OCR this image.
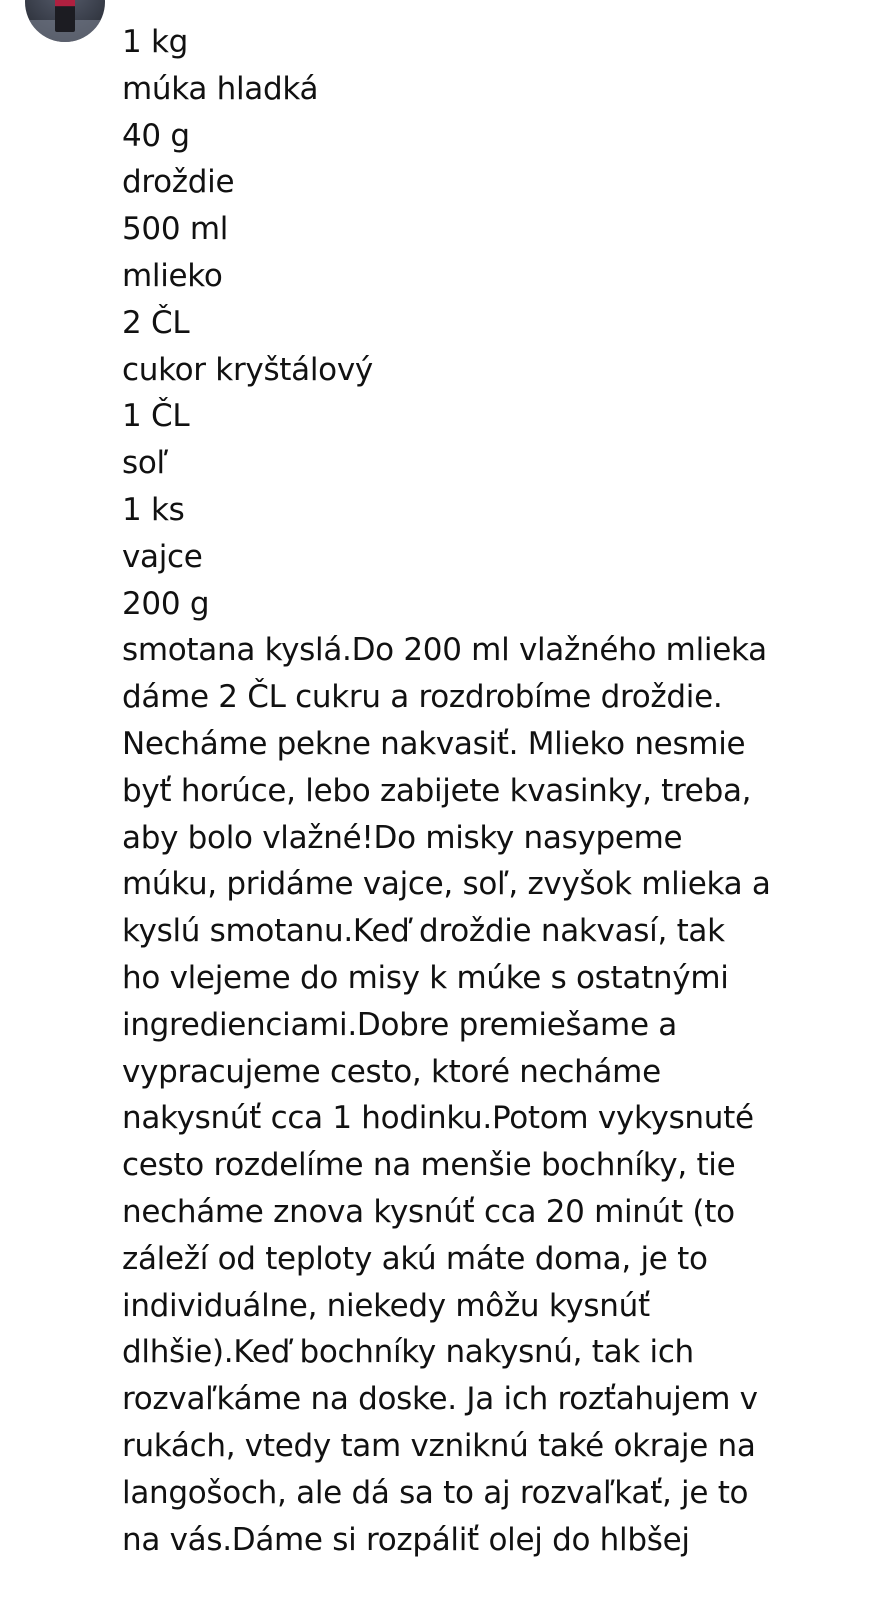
1 kg
múka hladká
40 g
droždie
500 ml
mlieko
2 ČL
cukor kryštálový
1 ČL
soľ
1 ks
vajce
200 g
smotana kyslá.Do 200 ml vlažného mlieka
dáme 2 ČL cukru a rozdrobíme droždie.
Necháme pekne nakvasiť. Mlieko nesmie
byť horúce, lebo zabijete kvasinky, treba,
aby bolo vlažné!Do misky nasypeme
múku, pridáme vajce, soľ, zvyšok mlieka a
kyslú smotanu.Keď droždie nakvasí, tak
ho vlejeme do misy k múke s ostatnými
ingredienciami.Dobre premiešame a
vypracujeme cesto, ktoré necháme
nakysnúť cca 1 hodinku.Potom vykysnuté
cesto rozdelíme na menšie bochníky, tie
necháme znova kysnúť cca 20 minút (to
záleží od teploty akú máte doma, je to
individuálne, niekedy môžu kysnúť
dlhšie).Keď bochníky nakysnú, tak ich
rozvaľkáme na doske. Ja ich rozťahujem v
rukách, vtedy tam vzniknú také okraje na
langošoch, ale dá sa to aj rozvaľkať, je to
na vás.Dáme si rozpáliť olej do hlbšej
